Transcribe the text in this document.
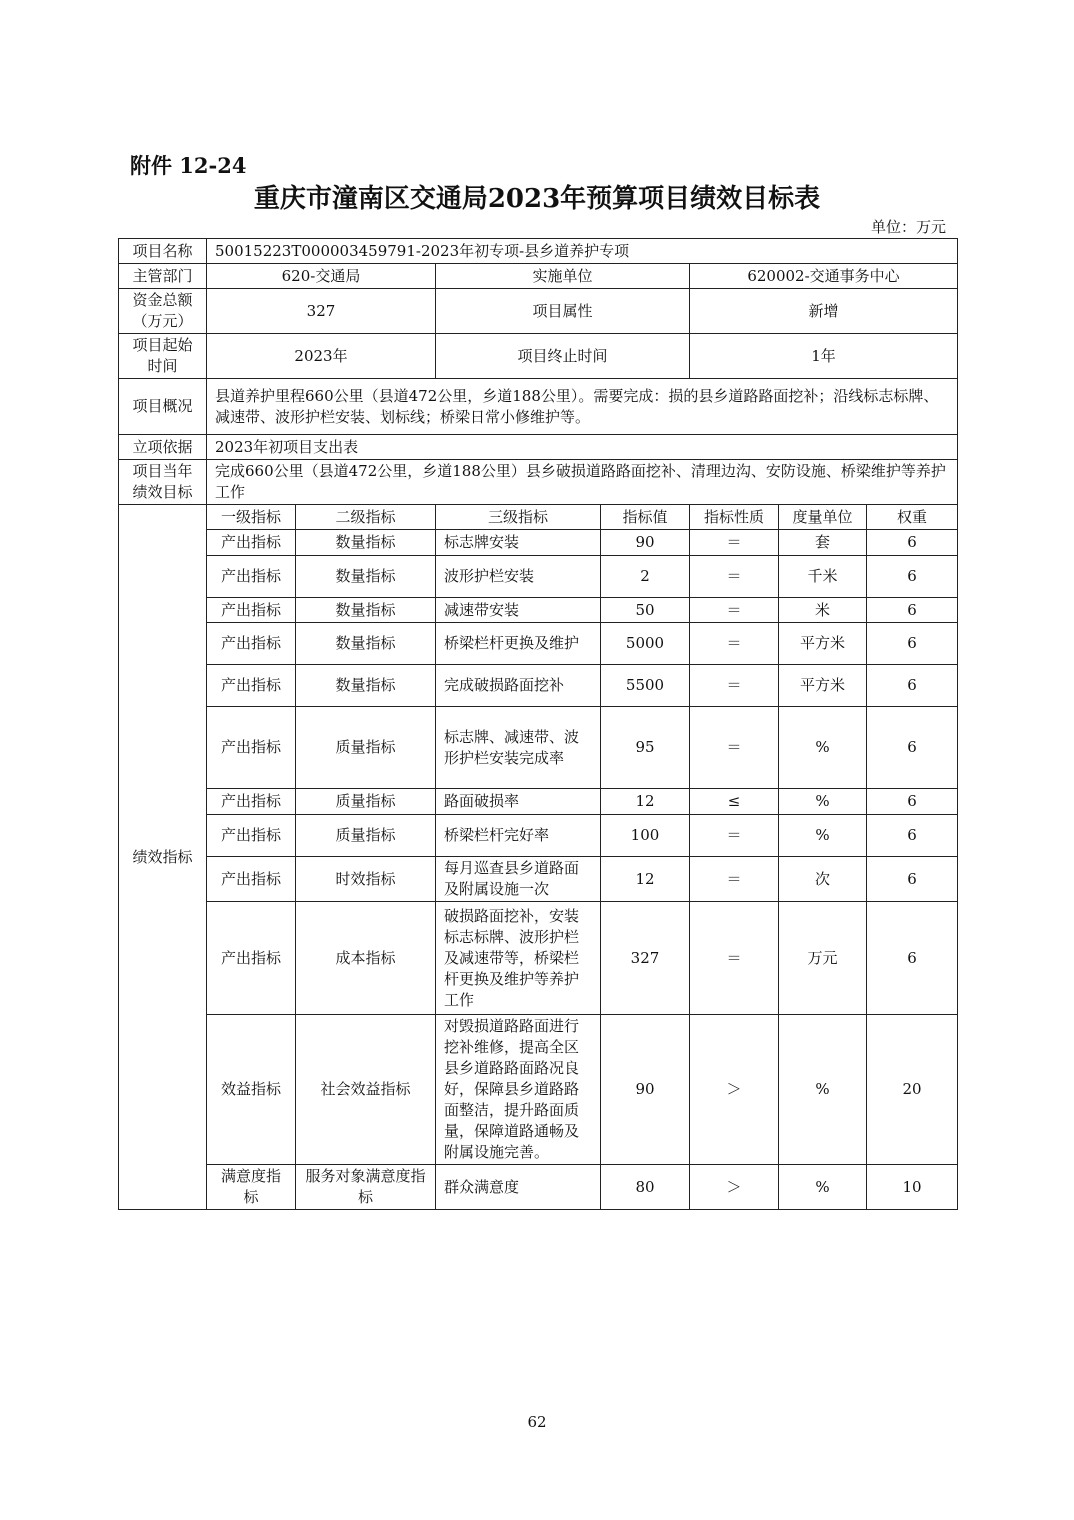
附件 12-24
重庆市潼南区交通局2023年预算项目绩效目标表
单位：万元
项目名称	50015223T000003459791-2023年初专项-县乡道养护专项						
主管部门	620-交通局		实施单位		620002-交通事务中心		
资金总额（万元）	327		项目属性		新增		
项目起始时间	2023年		项目终止时间		1年		
项目概况	县道养护里程660公里（县道472公里，乡道188公里）。需要完成：损的县乡道路路面挖补；沿线标志标牌、减速带、波形护栏安装、划标线；桥梁日常小修维护等。						
立项依据	2023年初项目支出表						
项目当年绩效目标	完成660公里（县道472公里，乡道188公里）县乡破损道路路面挖补、清理边沟、安防设施、桥梁维护等养护工作						
绩效指标	一级指标	二级指标	三级指标	指标值	指标性质	度量单位	权重
	产出指标	数量指标	标志牌安装	90	＝	套	6
	产出指标	数量指标	波形护栏安装	2	＝	千米	6
	产出指标	数量指标	减速带安装	50	＝	米	6
	产出指标	数量指标	桥梁栏杆更换及维护	5000	＝	平方米	6
	产出指标	数量指标	完成破损路面挖补	5500	＝	平方米	6
	产出指标	质量指标	标志牌、减速带、波形护栏安装完成率	95	＝	%	6
	产出指标	质量指标	路面破损率	12	≤	%	6
	产出指标	质量指标	桥梁栏杆完好率	100	＝	%	6
	产出指标	时效指标	每月巡查县乡道路面及附属设施一次	12	＝	次	6
	产出指标	成本指标	破损路面挖补，安装标志标牌、波形护栏及减速带等，桥梁栏杆更换及维护等养护工作	327	＝	万元	6
	效益指标	社会效益指标	对毁损道路路面进行挖补维修，提高全区县乡道路路面路况良好，保障县乡道路路面整洁，提升路面质量，保障道路通畅及附属设施完善。	90	＞	%	20
	满意度指标	服务对象满意度指标	群众满意度	80	＞	%	10
62
